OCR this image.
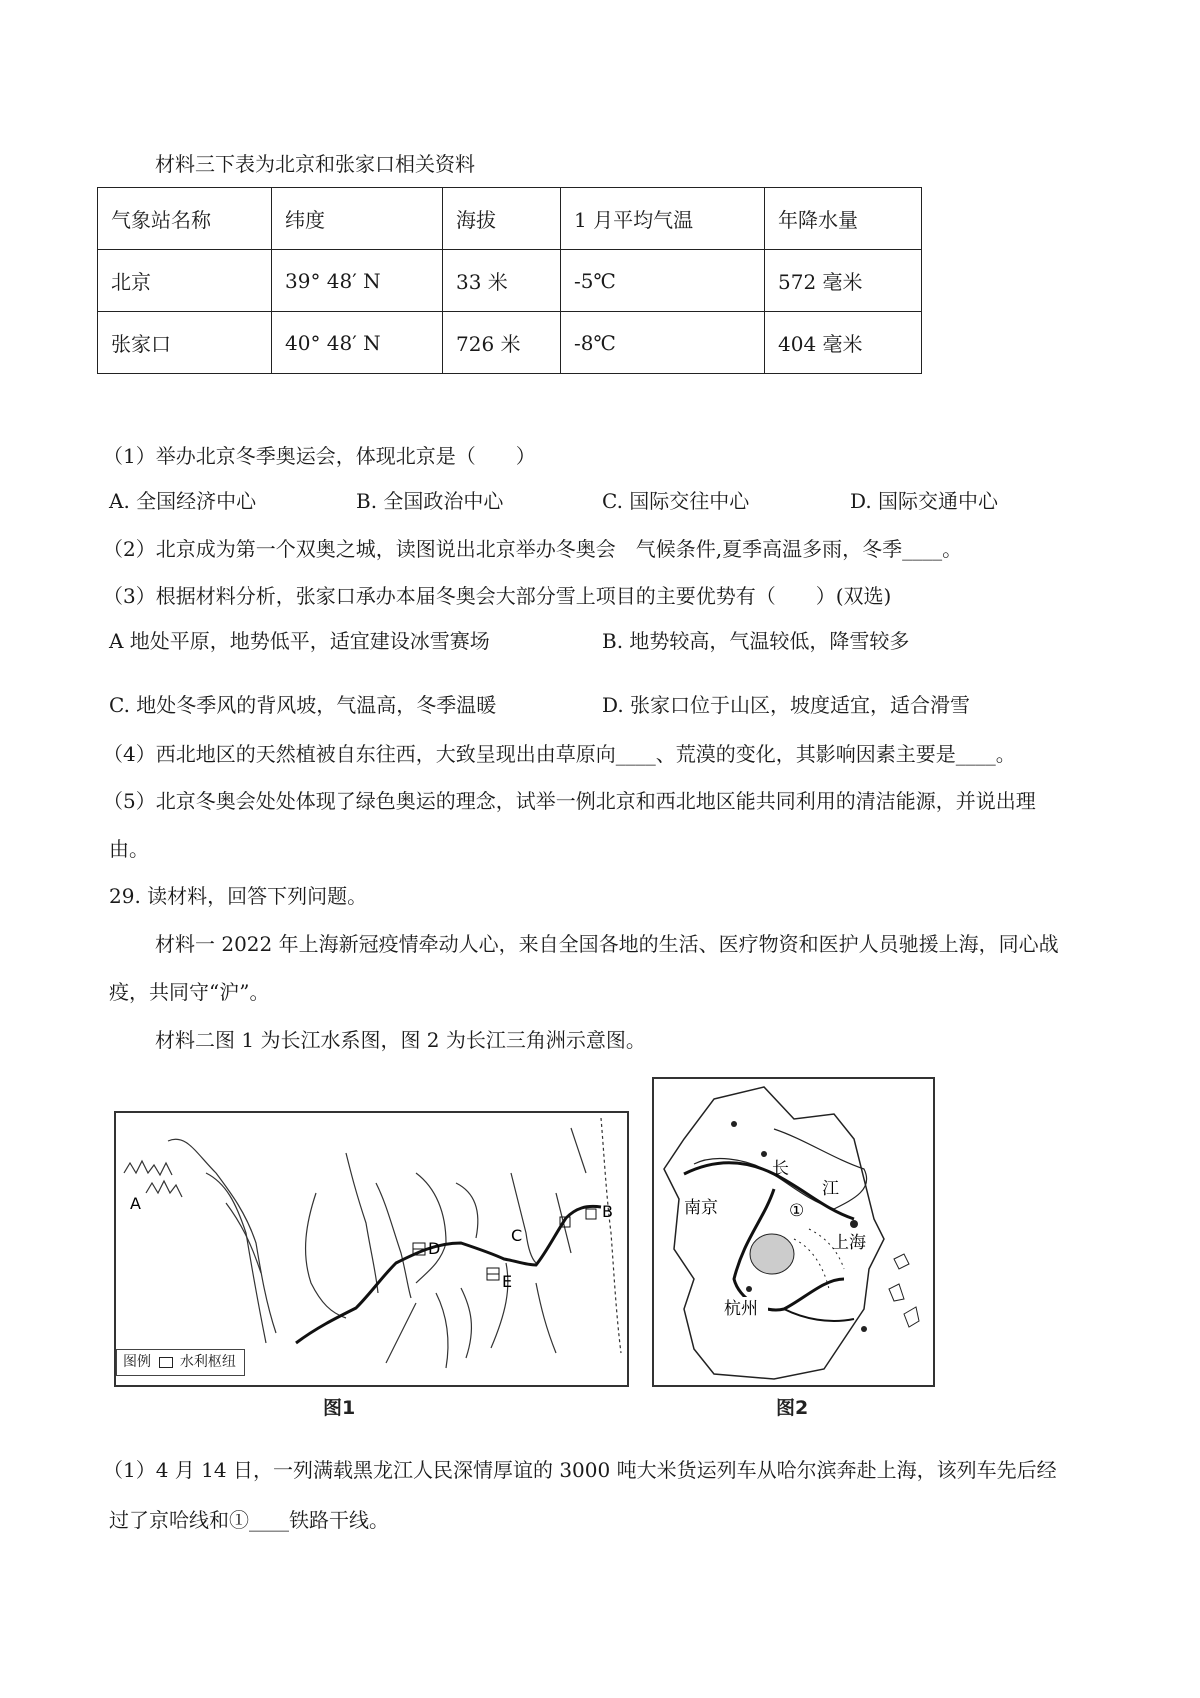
材料三下表为北京和张家口相关资料
气象站名称	纬度	海拔	1 月平均气温	年降水量
北京	39° 48′ N	33 米	-5℃	572 毫米
张家口	40° 48′ N	726 米	-8℃	404 毫米
（1）举办北京冬季奥运会，体现北京是（　　）
A. 全国经济中心	B. 全国政治中心	C. 国际交往中心	D. 国际交通中心
（2）北京成为第一个双奥之城，读图说出北京举办冬奥会　气候条件,夏季高温多雨，冬季____。
（3）根据材料分析，张家口承办本届冬奥会大部分雪上项目的主要优势有（　　）(双选)
A 地处平原，地势低平，适宜建设冰雪赛场	B. 地势较高，气温较低，降雪较多
C. 地处冬季风的背风坡，气温高，冬季温暖	D. 张家口位于山区，坡度适宜，适合滑雪
（4）西北地区的天然植被自东往西，大致呈现出由草原向____、荒漠的变化，其影响因素主要是____。
（5）北京冬奥会处处体现了绿色奥运的理念，试举一例北京和西北地区能共同利用的清洁能源，并说出理
由。
29. 读材料，回答下列问题。
材料一 2022 年上海新冠疫情牵动人心，来自全国各地的生活、医疗物资和医护人员驰援上海，同心战
疫，共同守“沪”。
材料二图 1 为长江水系图，图 2 为长江三角洲示意图。
A	B
C
D
E
图例 水利枢纽
图1
长
江
南京	①
上海
杭州
图2
（1）4 月 14 日，一列满载黑龙江人民深情厚谊的 3000 吨大米货运列车从哈尔滨奔赴上海，该列车先后经
过了京哈线和①____铁路干线。
